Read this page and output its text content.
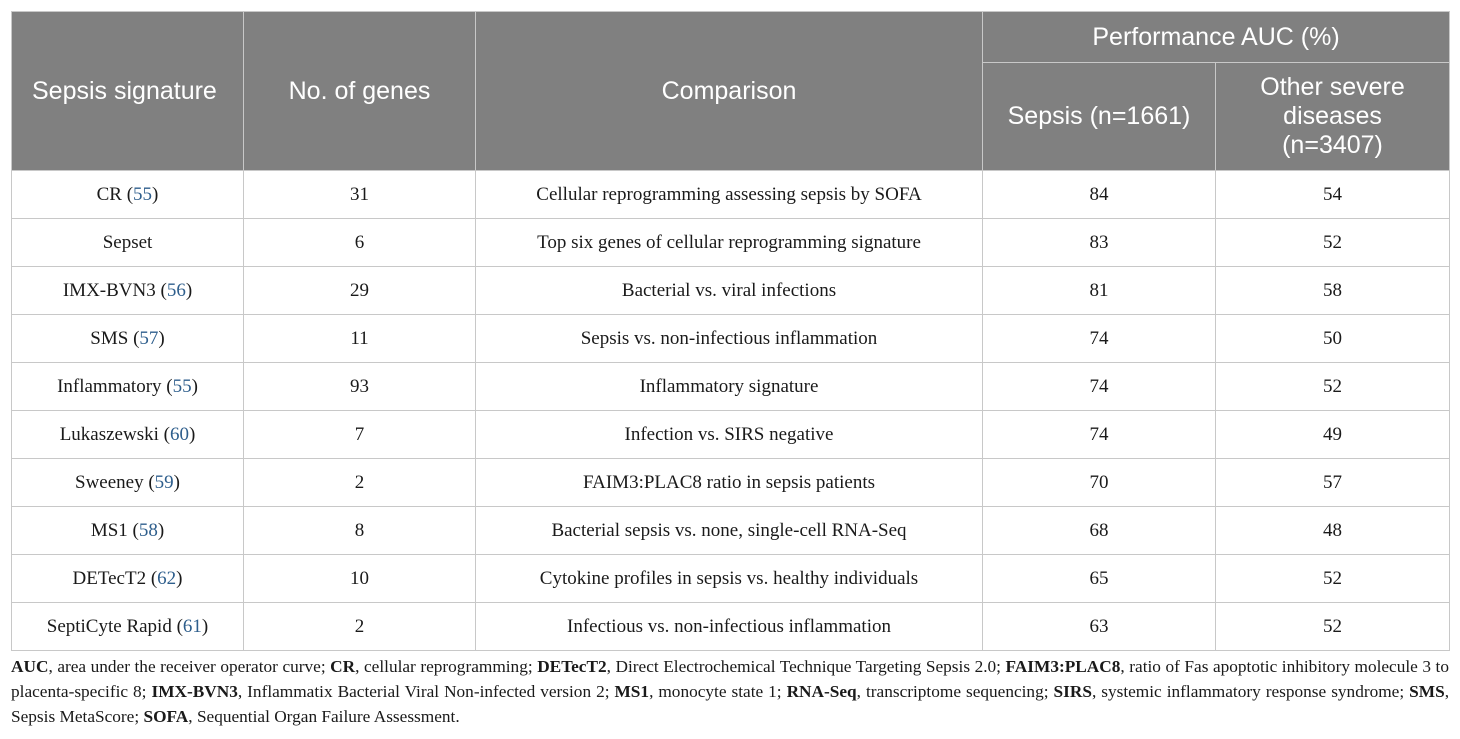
Sepsis signature	No. of genes	Comparison	Performance AUC (%)	
			Sepsis (n=1661)	Other severe
diseases
(n=3407)
CR (55)	31	Cellular reprogramming assessing sepsis by SOFA	84	54
Sepset	6	Top six genes of cellular reprogramming signature	83	52
IMX-BVN3 (56)	29	Bacterial vs. viral infections	81	58
SMS (57)	11	Sepsis vs. non-infectious inflammation	74	50
Inflammatory (55)	93	Inflammatory signature	74	52
Lukaszewski (60)	7	Infection vs. SIRS negative	74	49
Sweeney (59)	2	FAIM3:PLAC8 ratio in sepsis patients	70	57
MS1 (58)	8	Bacterial sepsis vs. none, single-cell RNA-Seq	68	48
DETecT2 (62)	10	Cytokine profiles in sepsis vs. healthy individuals	65	52
SeptiCyte Rapid (61)	2	Infectious vs. non-infectious inflammation	63	52
AUC, area under the receiver operator curve; CR, cellular reprogramming; DETecT2, Direct Electrochemical Technique Targeting Sepsis 2.0; FAIM3:PLAC8, ratio of Fas apoptotic inhibitory molecule 3 to placenta-specific 8; IMX-BVN3, Inflammatix Bacterial Viral Non-infected version 2; MS1, monocyte state 1; RNA-Seq, transcriptome sequencing; SIRS, systemic inflammatory response syndrome; SMS, Sepsis MetaScore; SOFA, Sequential Organ Failure Assessment.
